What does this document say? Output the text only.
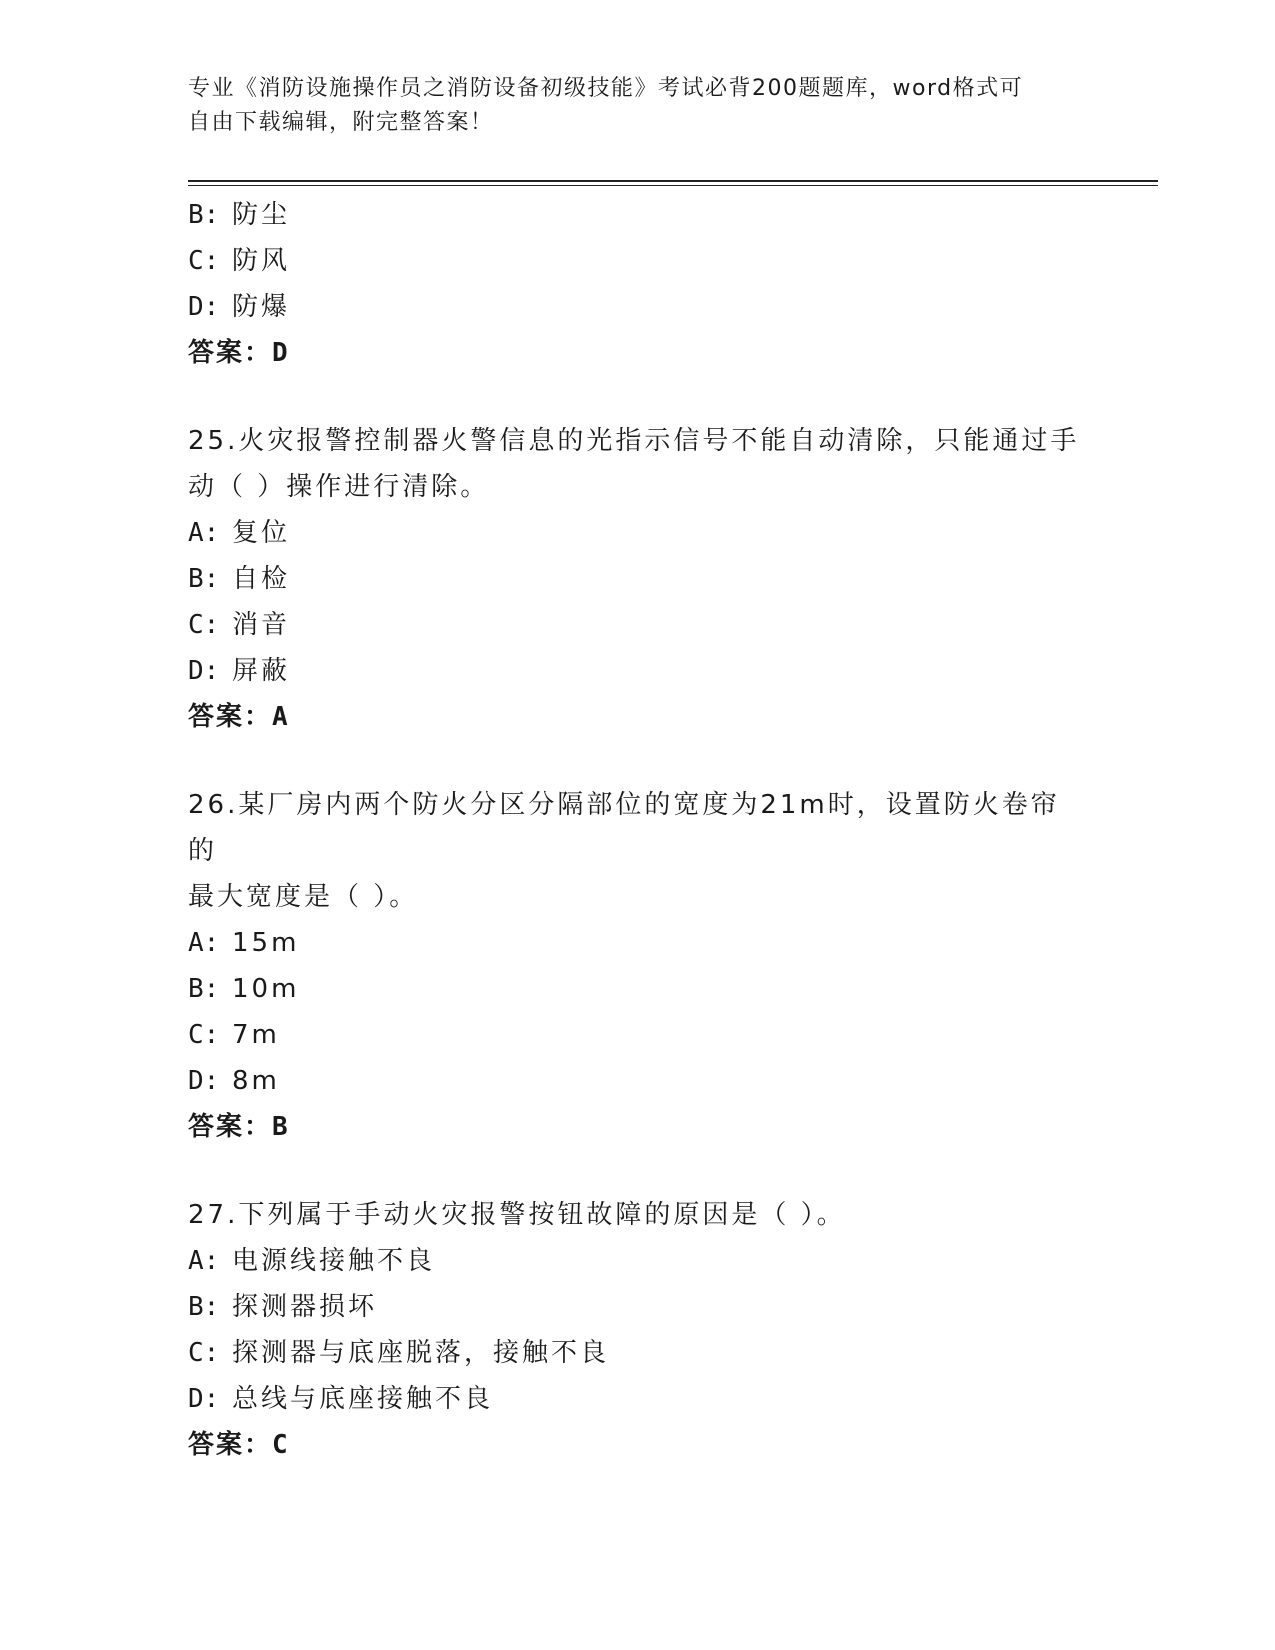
专业《消防设施操作员之消防设备初级技能》考试必背200题题库，word格式可
自由下载编辑，附完整答案！
B: 防尘
C: 防风
D: 防爆
答案：D
25.火灾报警控制器火警信息的光指示信号不能自动清除，只能通过手
动（ ）操作进行清除。
A: 复位
B: 自检
C: 消音
D: 屏蔽
答案：A
26.某厂房内两个防火分区分隔部位的宽度为21m时，设置防火卷帘的
最大宽度是（ ）。
A: 15m
B: 10m
C: 7m
D: 8m
答案：B
27.下列属于手动火灾报警按钮故障的原因是（ ）。
A: 电源线接触不良
B: 探测器损坏
C: 探测器与底座脱落，接触不良
D: 总线与底座接触不良
答案：C
